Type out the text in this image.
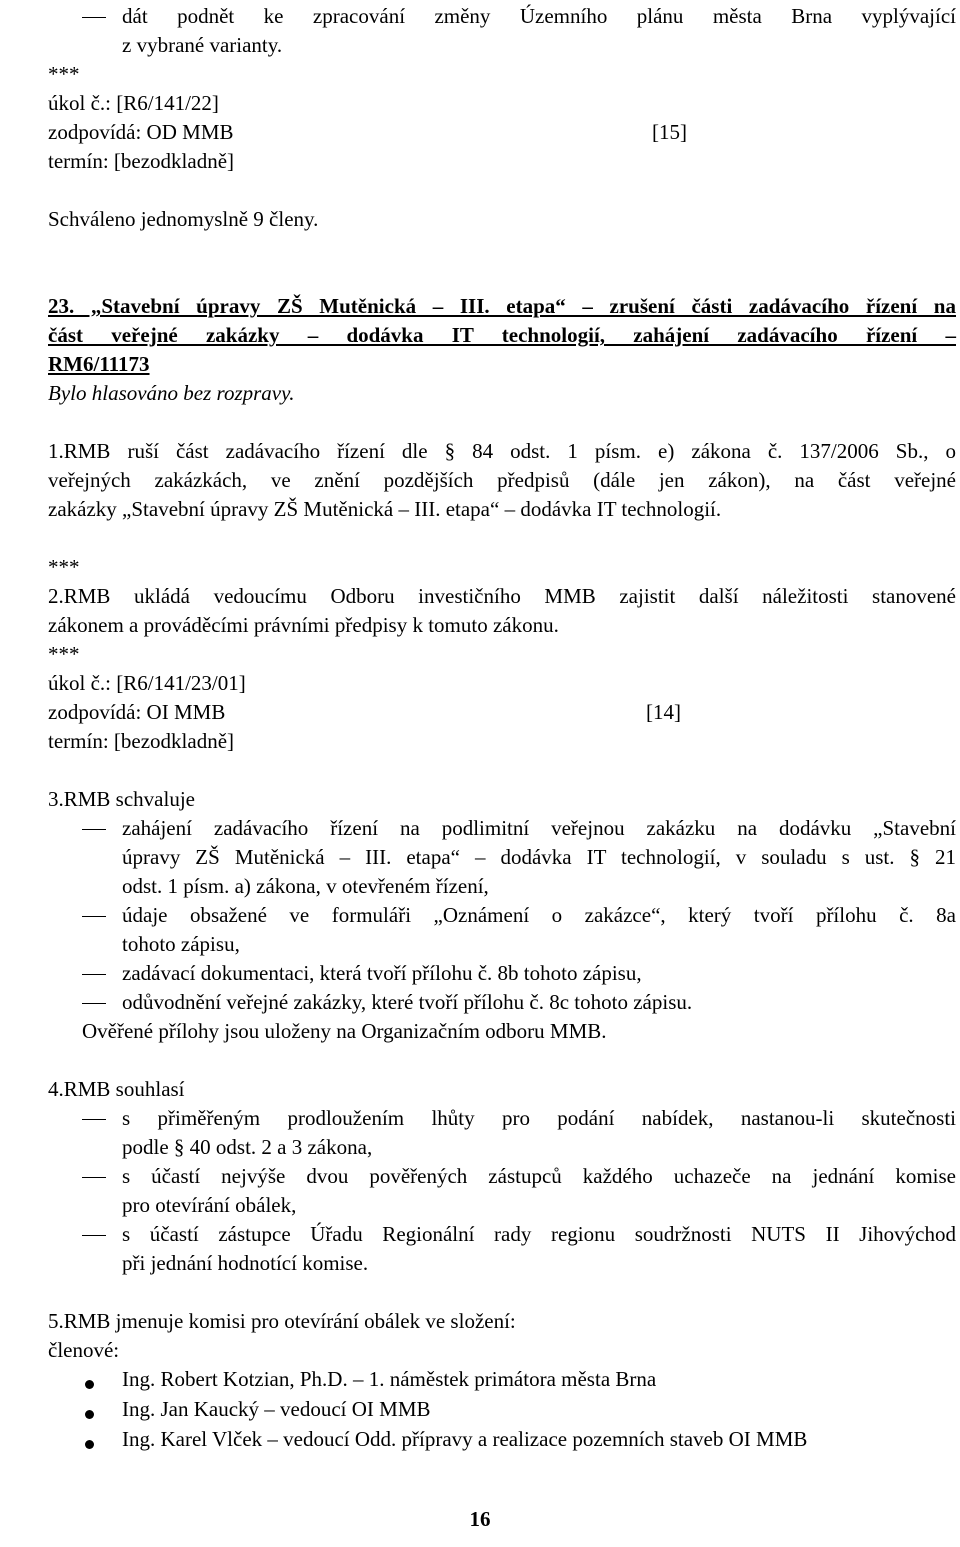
dát podnět ke zpracování změny Územního plánu města Brna vyplývající
z vybrané varianty.
***
úkol č.: [R6/141/22]
zodpovídá: OD MMB	[15]
termín: [bezodkladně]
Schváleno jednomyslně 9 členy.
23. „Stavební úpravy ZŠ Mutěnická – III. etapa“ – zrušení části zadávacího řízení na
část veřejné zakázky – dodávka IT technologií, zahájení zadávacího řízení –
RM6/11173
Bylo hlasováno bez rozpravy.
1.RMB ruší část zadávacího řízení dle § 84 odst. 1 písm. e) zákona č. 137/2006 Sb., o
veřejných zakázkách, ve znění pozdějších předpisů (dále jen zákon), na část veřejné
zakázky „Stavební úpravy ZŠ Mutěnická – III. etapa“ – dodávka IT technologií.
***
2.RMB ukládá vedoucímu Odboru investičního MMB zajistit další náležitosti stanovené
zákonem a prováděcími právními předpisy k tomuto zákonu.
***
úkol č.: [R6/141/23/01]
zodpovídá: OI MMB	[14]
termín: [bezodkladně]
3.RMB schvaluje
zahájení zadávacího řízení na podlimitní veřejnou zakázku na dodávku „Stavební
úpravy ZŠ Mutěnická – III. etapa“ – dodávka IT technologií, v souladu s ust. § 21
odst. 1 písm. a) zákona, v otevřeném řízení,
údaje obsažené ve formuláři „Oznámení o zakázce“, který tvoří přílohu č. 8a
tohoto zápisu,
zadávací dokumentaci, která tvoří přílohu č. 8b tohoto zápisu,
odůvodnění veřejné zakázky, které tvoří přílohu č. 8c tohoto zápisu.
Ověřené přílohy jsou uloženy na Organizačním odboru MMB.
4.RMB souhlasí
s přiměřeným prodloužením lhůty pro podání nabídek, nastanou-li skutečnosti
podle § 40 odst. 2 a 3 zákona,
s účastí nejvýše dvou pověřených zástupců každého uchazeče na jednání komise
pro otevírání obálek,
s účastí zástupce Úřadu Regionální rady regionu soudržnosti NUTS II Jihovýchod
při jednání hodnotící komise.
5.RMB jmenuje komisi pro otevírání obálek ve složení:
členové:
Ing. Robert Kotzian, Ph.D. – 1. náměstek primátora města Brna
Ing. Jan Kaucký – vedoucí OI MMB
Ing. Karel Vlček – vedoucí Odd. přípravy a realizace pozemních staveb OI MMB
16
